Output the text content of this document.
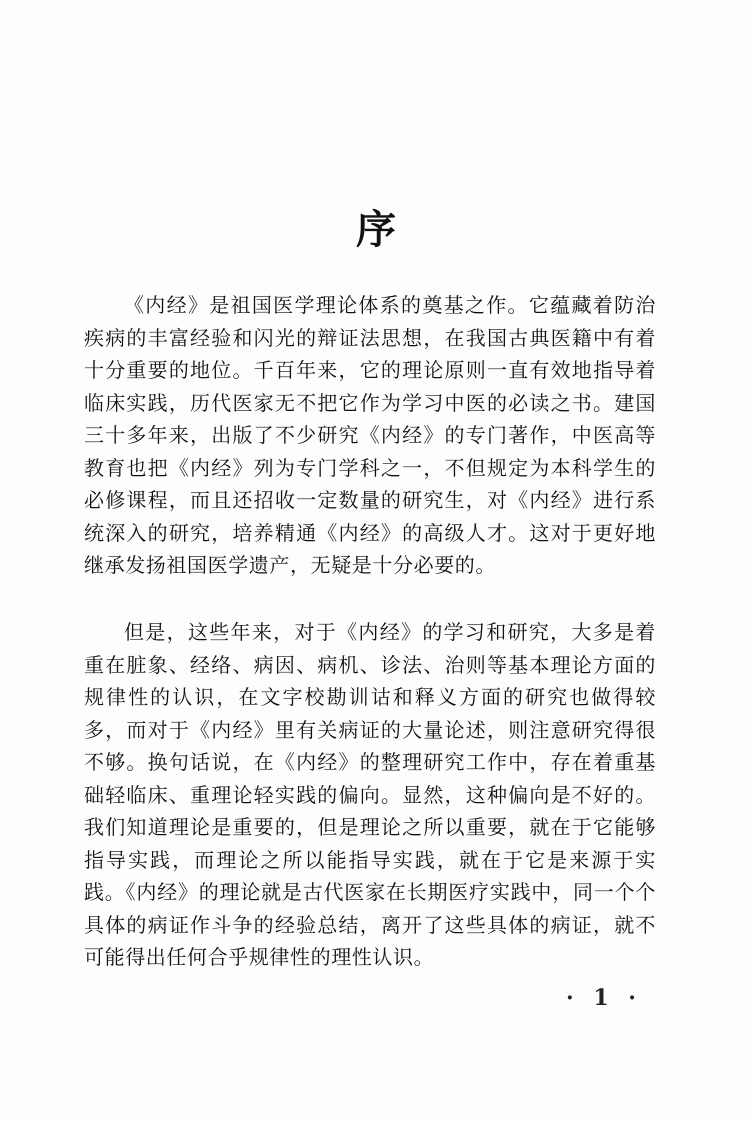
序

《内经》是祖国医学理论体系的奠基之作。它蕴藏着防治疾病的丰富经验和闪光的辩证法思想，在我国古典医籍中有着十分重要的地位。千百年来，它的理论原则一直有效地指导着临床实践，历代医家无不把它作为学习中医的必读之书。建国三十多年来，出版了不少研究《内经》的专门著作，中医高等教育也把《内经》列为专门学科之一，不但规定为本科学生的必修课程，而且还招收一定数量的研究生，对《内经》进行系统深入的研究，培养精通《内经》的高级人才。这对于更好地继承发扬祖国医学遗产，无疑是十分必要的。

但是，这些年来，对于《内经》的学习和研究，大多是着重在脏象、经络、病因、病机、诊法、治则等基本理论方面的规律性的认识，在文字校勘训诂和释义方面的研究也做得较多，而对于《内经》里有关病证的大量论述，则注意研究得很不够。换句话说，在《内经》的整理研究工作中，存在着重基础轻临床、重理论轻实践的偏向。显然，这种偏向是不好的。我们知道理论是重要的，但是理论之所以重要，就在于它能够指导实践，而理论之所以能指导实践，就在于它是来源于实践。《内经》的理论就是古代医家在长期医疗实践中，同一个个具体的病证作斗争的经验总结，离开了这些具体的病证，就不可能得出任何合乎规律性的理性认识。

· 1 ·
